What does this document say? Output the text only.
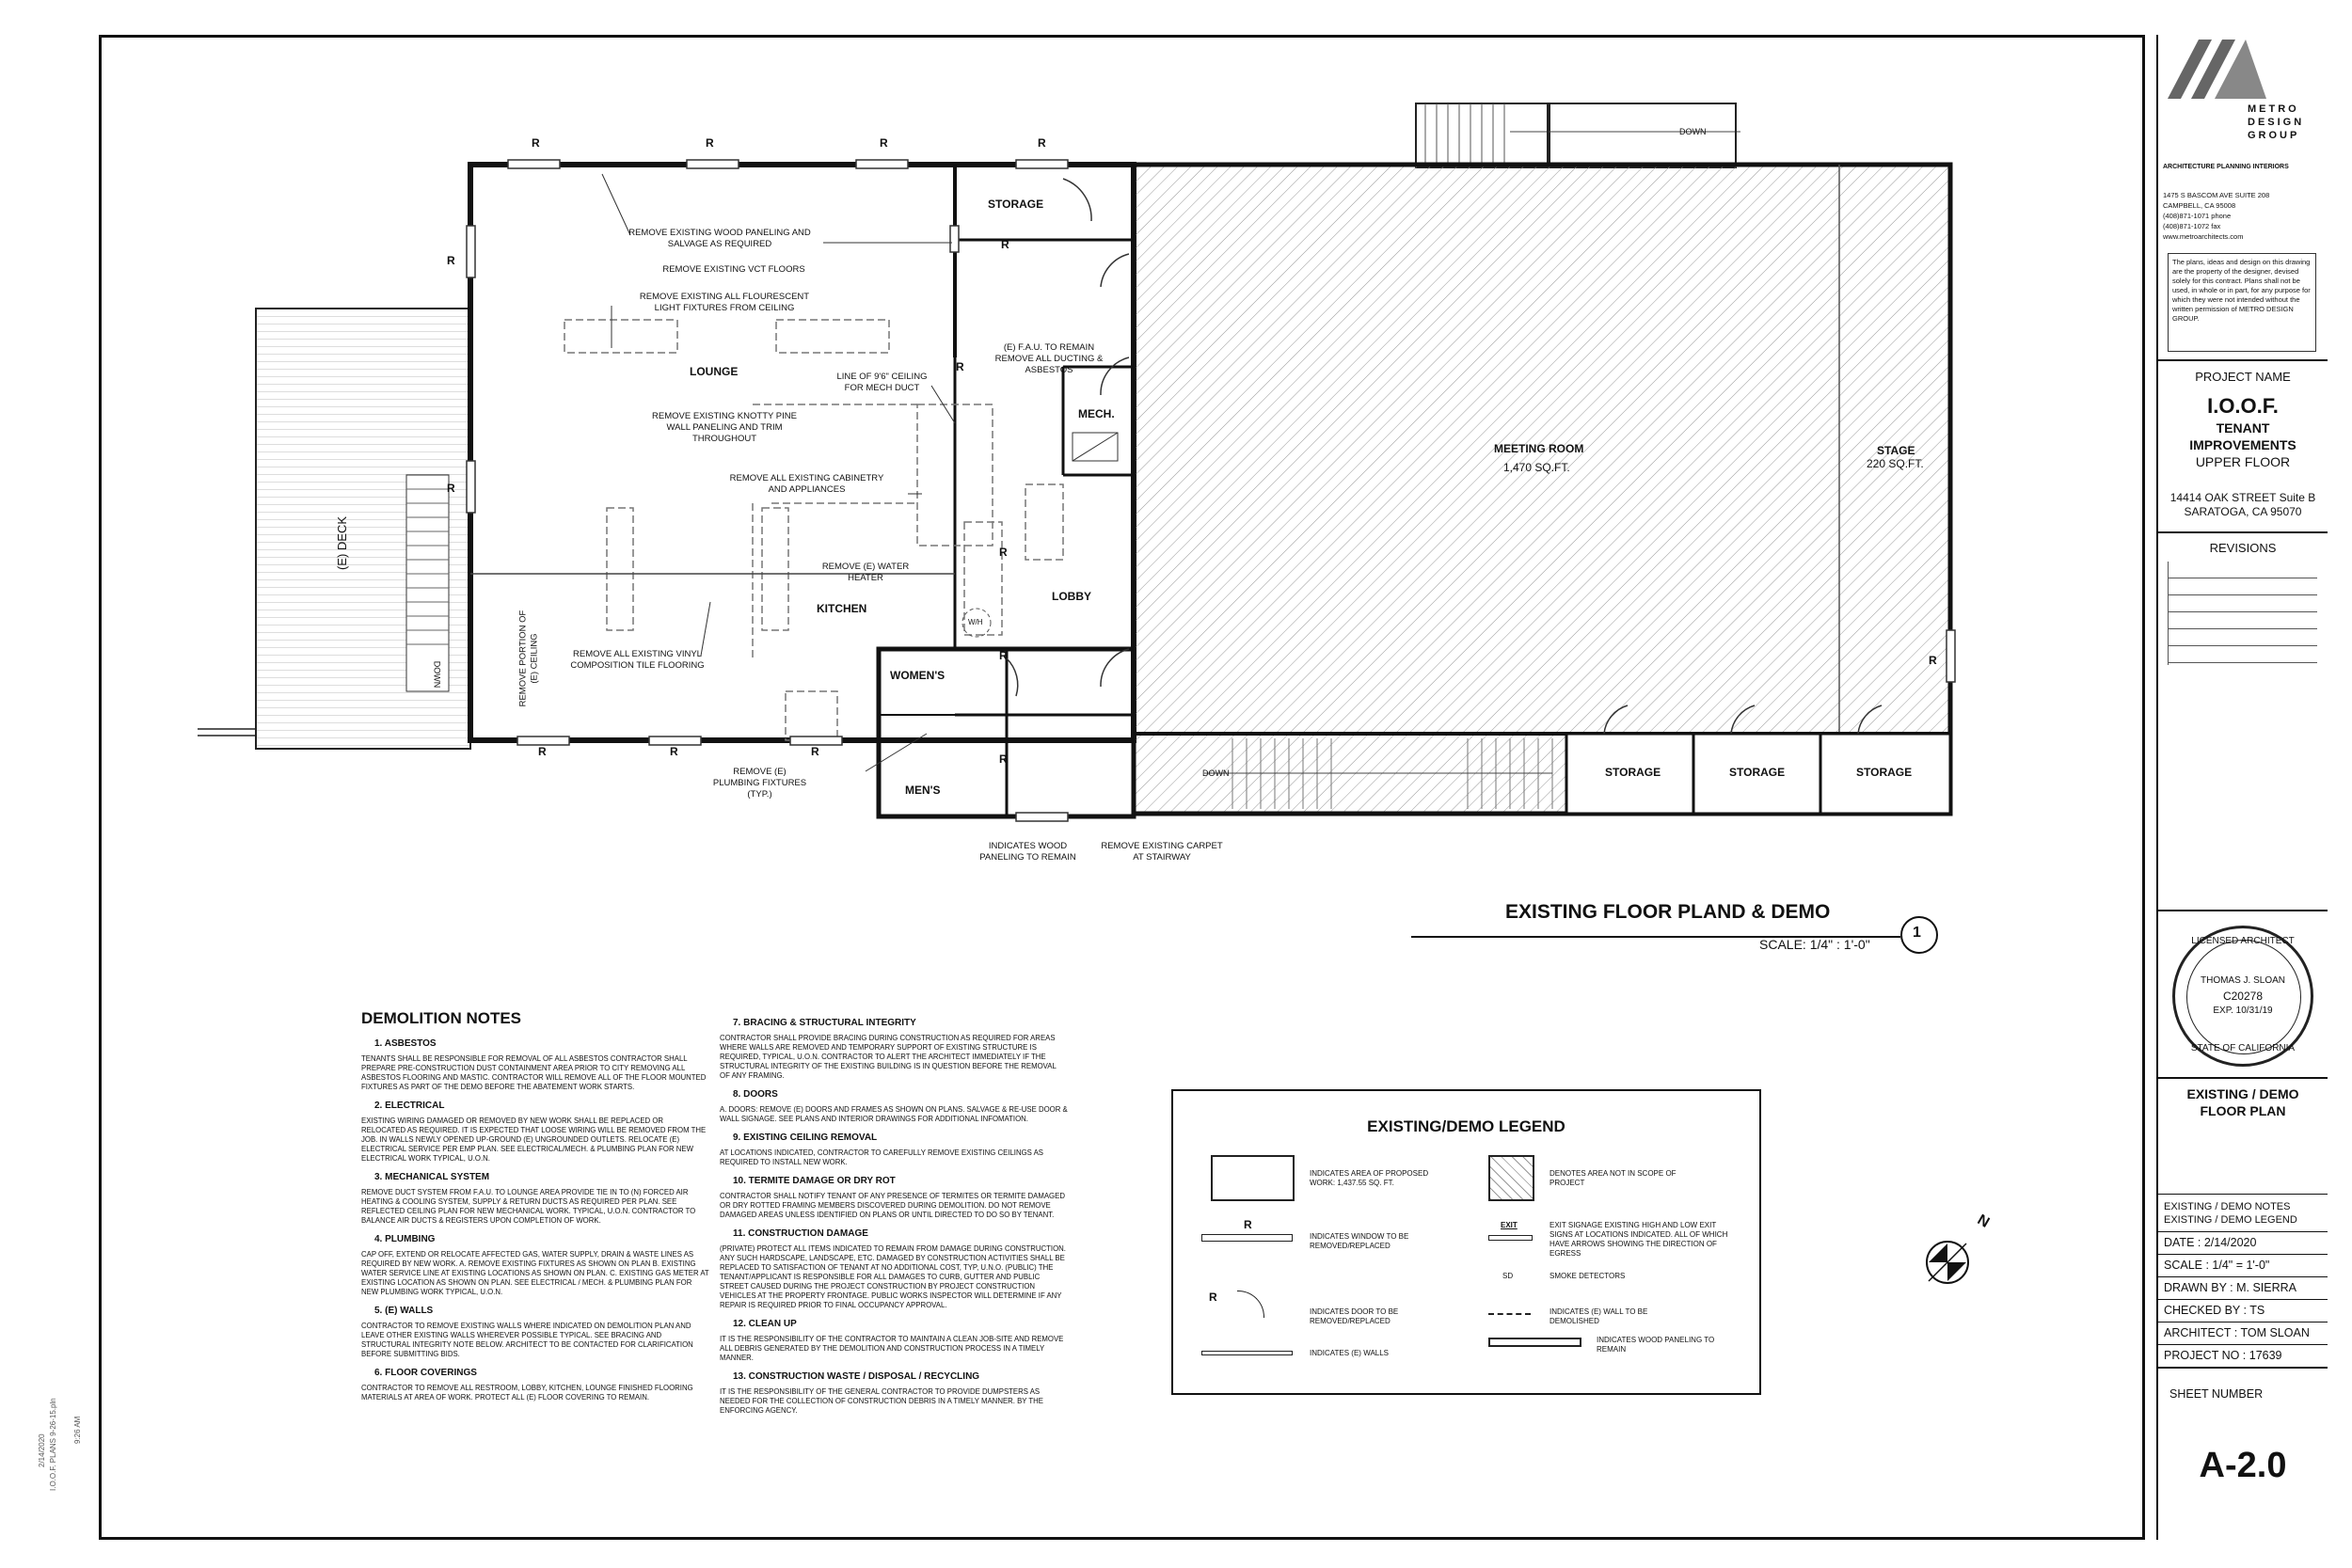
LOUNGE
STORAGE
MECH.
KITCHEN
LOBBY
WOMEN'S
MEN'S
MEETING ROOM
1,470 SQ.FT.
STAGE
220 SQ.FT.
STORAGE	STORAGE	STORAGE
(E) DECK
DOWN
DOWN
DOWN
W/H
R	R	R	R
R
R
R	R	R
R
R
R
R
R
R
REMOVE EXISTING WOOD PANELING AND SALVAGE AS REQUIRED
REMOVE EXISTING VCT FLOORS
REMOVE EXISTING ALL FLOURESCENT LIGHT FIXTURES FROM CEILING
REMOVE EXISTING KNOTTY PINE WALL PANELING AND TRIM THROUGHOUT
REMOVE ALL EXISTING CABINETRY AND APPLIANCES
LINE OF 9'6" CEILING FOR MECH DUCT
(E) F.A.U. TO REMAIN REMOVE ALL DUCTING & ASBESTOS
REMOVE (E) WATER HEATER
REMOVE ALL EXISTING VINYL COMPOSITION TILE FLOORING
REMOVE PORTION OF (E) CEILING
REMOVE (E) PLUMBING FIXTURES (TYP.)
INDICATES WOOD PANELING TO REMAIN
REMOVE EXISTING CARPET AT STAIRWAY
EXISTING FLOOR PLAND & DEMO
SCALE: 1/4" : 1'-0"
1
N
DEMOLITION NOTES
1. ASBESTOS

TENANTS SHALL BE RESPONSIBLE FOR REMOVAL OF ALL ASBESTOS CONTRACTOR SHALL PREPARE PRE-CONSTRUCTION DUST CONTAINMENT AREA PRIOR TO CITY REMOVING ALL ASBESTOS FLOORING AND MASTIC. CONTRACTOR WILL REMOVE ALL OF THE FLOOR MOUNTED FIXTURES AS PART OF THE DEMO BEFORE THE ABATEMENT WORK STARTS.

2. ELECTRICAL

EXISTING WIRING DAMAGED OR REMOVED BY NEW WORK SHALL BE REPLACED OR RELOCATED AS REQUIRED. IT IS EXPECTED THAT LOOSE WIRING WILL BE REMOVED FROM THE JOB. IN WALLS NEWLY OPENED UP-GROUND (E) UNGROUNDED OUTLETS. RELOCATE (E) ELECTRICAL SERVICE PER EMP PLAN. SEE ELECTRICAL/MECH. & PLUMBING PLAN FOR NEW ELECTRICAL WORK TYPICAL, U.O.N.

3. MECHANICAL SYSTEM

REMOVE DUCT SYSTEM FROM F.A.U. TO LOUNGE AREA PROVIDE TIE IN TO (N) FORCED AIR HEATING & COOLING SYSTEM, SUPPLY & RETURN DUCTS AS REQUIRED PER PLAN. SEE REFLECTED CEILING PLAN FOR NEW MECHANICAL WORK. TYPICAL, U.O.N. CONTRACTOR TO BALANCE AIR DUCTS & REGISTERS UPON COMPLETION OF WORK.

4. PLUMBING

CAP OFF, EXTEND OR RELOCATE AFFECTED GAS, WATER SUPPLY, DRAIN & WASTE LINES AS REQUIRED BY NEW WORK. A. REMOVE EXISTING FIXTURES AS SHOWN ON PLAN B. EXISTING WATER SERVICE LINE AT EXISTING LOCATIONS AS SHOWN ON PLAN. C. EXISTING GAS METER AT EXISTING LOCATION AS SHOWN ON PLAN. SEE ELECTRICAL / MECH. & PLUMBING PLAN FOR NEW PLUMBING WORK TYPICAL, U.O.N.

5. (E) WALLS

CONTRACTOR TO REMOVE EXISTING WALLS WHERE INDICATED ON DEMOLITION PLAN AND LEAVE OTHER EXISTING WALLS WHEREVER POSSIBLE TYPICAL. SEE BRACING AND STRUCTURAL INTEGRITY NOTE BELOW. ARCHITECT TO BE CONTACTED FOR CLARIFICATION BEFORE SUBMITTING BIDS.

6. FLOOR COVERINGS

CONTRACTOR TO REMOVE ALL RESTROOM, LOBBY, KITCHEN, LOUNGE FINISHED FLOORING MATERIALS AT AREA OF WORK. PROTECT ALL (E) FLOOR COVERING TO REMAIN.

7. BRACING & STRUCTURAL INTEGRITY

CONTRACTOR SHALL PROVIDE BRACING DURING CONSTRUCTION AS REQUIRED FOR AREAS WHERE WALLS ARE REMOVED AND TEMPORARY SUPPORT OF EXISTING STRUCTURE IS REQUIRED, TYPICAL, U.O.N. CONTRACTOR TO ALERT THE ARCHITECT IMMEDIATELY IF THE STRUCTURAL INTEGRITY OF THE EXISTING BUILDING IS IN QUESTION BEFORE THE REMOVAL OF ANY FRAMING.

8. DOORS

A. DOORS: REMOVE (E) DOORS AND FRAMES AS SHOWN ON PLANS. SALVAGE & RE-USE DOOR & WALL SIGNAGE. SEE PLANS AND INTERIOR DRAWINGS FOR ADDITIONAL INFOMATION.

9. EXISTING CEILING REMOVAL

AT LOCATIONS INDICATED, CONTRACTOR TO CAREFULLY REMOVE EXISTING CEILINGS AS REQUIRED TO INSTALL NEW WORK.

10. TERMITE DAMAGE OR DRY ROT

CONTRACTOR SHALL NOTIFY TENANT OF ANY PRESENCE OF TERMITES OR TERMITE DAMAGED OR DRY ROTTED FRAMING MEMBERS DISCOVERED DURING DEMOLITION. DO NOT REMOVE DAMAGED AREAS UNLESS IDENTIFIED ON PLANS OR UNTIL DIRECTED TO DO SO BY TENANT.

11. CONSTRUCTION DAMAGE

(PRIVATE) PROTECT ALL ITEMS INDICATED TO REMAIN FROM DAMAGE DURING CONSTRUCTION. ANY SUCH HARDSCAPE, LANDSCAPE, ETC. DAMAGED BY CONSTRUCTION ACTIVITIES SHALL BE REPLACED TO SATISFACTION OF TENANT AT NO ADDITIONAL COST, TYP, U.N.O. (PUBLIC) THE TENANT/APPLICANT IS RESPONSIBLE FOR ALL DAMAGES TO CURB, GUTTER AND PUBLIC STREET CAUSED DURING THE PROJECT CONSTRUCTION BY PROJECT CONSTRUCTION VEHICLES AT THE PROPERTY FRONTAGE. PUBLIC WORKS INSPECTOR WILL DETERMINE IF ANY REPAIR IS REQUIRED PRIOR TO FINAL OCCUPANCY APPROVAL.

12. CLEAN UP

IT IS THE RESPONSIBILITY OF THE CONTRACTOR TO MAINTAIN A CLEAN JOB-SITE AND REMOVE ALL DEBRIS GENERATED BY THE DEMOLITION AND CONSTRUCTION PROCESS IN A TIMELY MANNER.

13. CONSTRUCTION WASTE / DISPOSAL / RECYCLING

IT IS THE RESPONSIBILITY OF THE GENERAL CONTRACTOR TO PROVIDE DUMPSTERS AS NEEDED FOR THE COLLECTION OF CONSTRUCTION DEBRIS IN A TIMELY MANNER. BY THE ENFORCING AGENCY.

EXISTING/DEMO LEGEND
INDICATES AREA OF PROPOSED WORK: 1,437.55 SQ. FT.
DENOTES AREA NOT IN SCOPE OF PROJECT
R
INDICATES WINDOW TO BE REMOVED/REPLACED
EXIT	EXIT SIGNAGE EXISTING HIGH AND LOW EXIT SIGNS AT LOCATIONS INDICATED. ALL OF WHICH HAVE ARROWS SHOWING THE DIRECTION OF EGRESS
SD	SMOKE DETECTORS
R
INDICATES DOOR TO BE REMOVED/REPLACED
INDICATES (E) WALL TO BE DEMOLISHED
INDICATES (E) WALLS
INDICATES WOOD PANELING TO REMAIN
METRO
DESIGN
GROUP
ARCHITECTURE PLANNING INTERIORS
1475 S BASCOM AVE SUITE 208
CAMPBELL, CA 95008
(408)871-1071 phone
(408)871-1072 fax
www.metroarchitects.com
The plans, ideas and design on this drawing are the property of the designer, devised solely for this contract. Plans shall not be used, in whole or in part, for any purpose for which they were not intended without the written permission of METRO DESIGN GROUP.
PROJECT NAME
I.O.O.F.
TENANT
IMPROVEMENTS
UPPER FLOOR
14414 OAK STREET Suite B
SARATOGA, CA 95070
REVISIONS
LICENSED ARCHITECT
THOMAS J. SLOAN
C20278
EXP. 10/31/19
STATE OF CALIFORNIA
EXISTING / DEMO
FLOOR PLAN
EXISTING / DEMO NOTES
EXISTING / DEMO LEGEND
DATE : 2/14/2020
SCALE : 1/4" = 1'-0"
DRAWN BY : M. SIERRA
CHECKED BY : TS
ARCHITECT : TOM SLOAN
PROJECT NO : 17639
SHEET NUMBER
A-2.0
2/14/2020
9:26 AM
I.O.O.F. PLANS 9-26-15.pln
